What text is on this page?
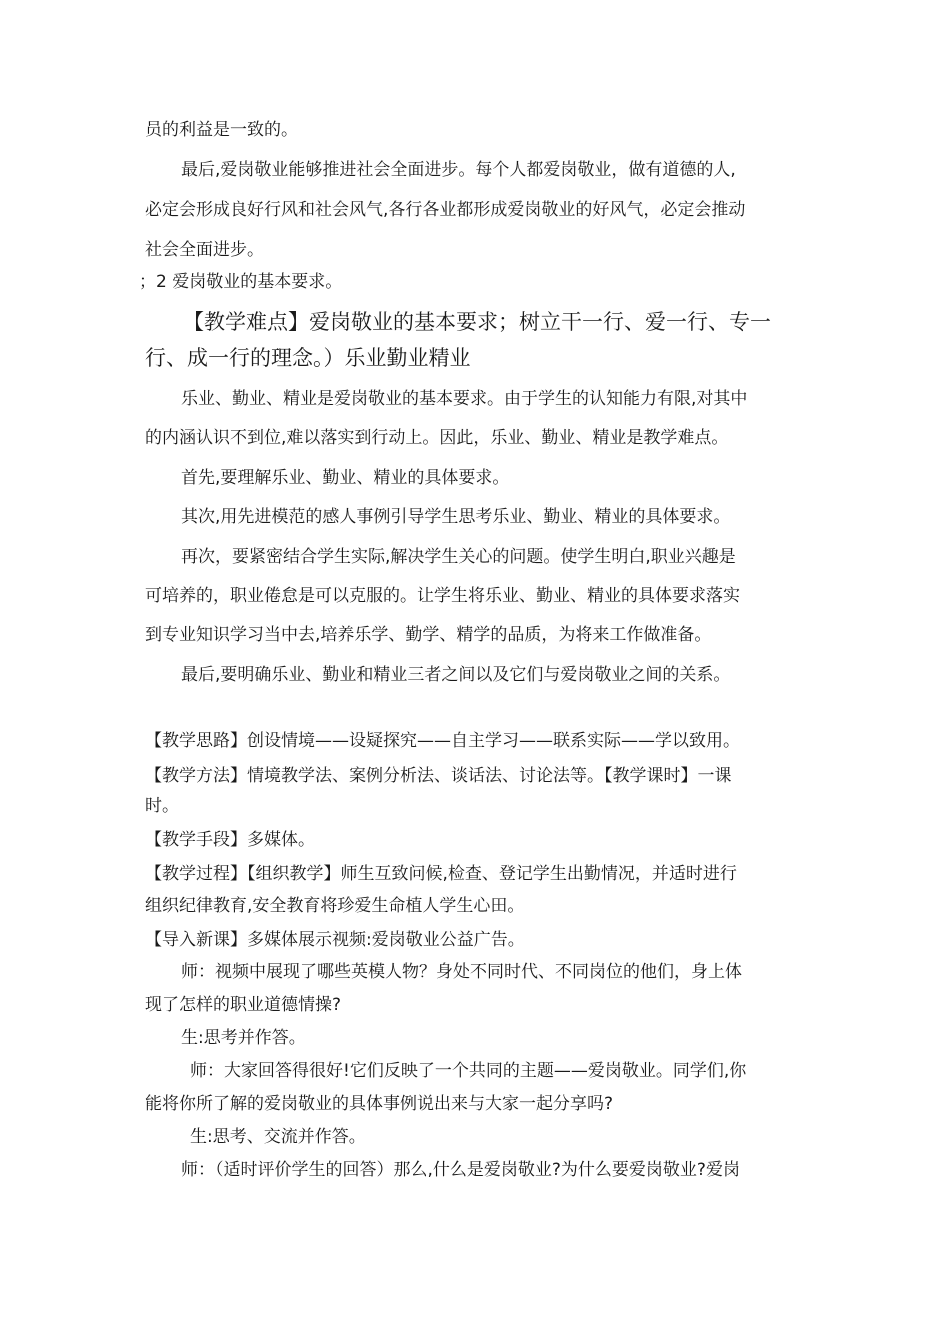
员的利益是一致的。
最后,爱岗敬业能够推进社会全面进步。每个人都爱岗敬业，做有道德的人,
必定会形成良好行风和社会风气,各行各业都形成爱岗敬业的好风气，必定会推动
社会全面进步。
；2 爱岗敬业的基本要求。
【教学难点】爱岗敬业的基本要求；树立干一行、爱一行、专一
行、成一行的理念。）乐业勤业精业
乐业、勤业、精业是爱岗敬业的基本要求。由于学生的认知能力有限,对其中
的内涵认识不到位,难以落实到行动上。因此，乐业、勤业、精业是教学难点。
首先,要理解乐业、勤业、精业的具体要求。
其次,用先进模范的感人事例引导学生思考乐业、勤业、精业的具体要求。
再次，要紧密结合学生实际,解决学生关心的问题。使学生明白,职业兴趣是
可培养的，职业倦怠是可以克服的。让学生将乐业、勤业、精业的具体要求落实
到专业知识学习当中去,培养乐学、勤学、精学的品质，为将来工作做准备。
最后,要明确乐业、勤业和精业三者之间以及它们与爱岗敬业之间的关系。
【教学思路】创设情境——设疑探究——自主学习——联系实际——学以致用。
【教学方法】情境教学法、案例分析法、谈话法、讨论法等。【教学课时】一课
时。
【教学手段】多媒体。
【教学过程】【组织教学】师生互致问候,检查、登记学生出勤情况，并适时进行
组织纪律教育,安全教育将珍爱生命植人学生心田。
【导入新课】多媒体展示视频:爱岗敬业公益广告。
师：视频中展现了哪些英模人物？身处不同时代、不同岗位的他们，身上体
现了怎样的职业道德情操?
生:思考并作答。
师：大家回答得很好!它们反映了一个共同的主题——爱岗敬业。同学们,你
能将你所了解的爱岗敬业的具体事例说出来与大家一起分享吗?
生:思考、交流并作答。
师：（适时评价学生的回答）那么,什么是爱岗敬业?为什么要爱岗敬业?爱岗
